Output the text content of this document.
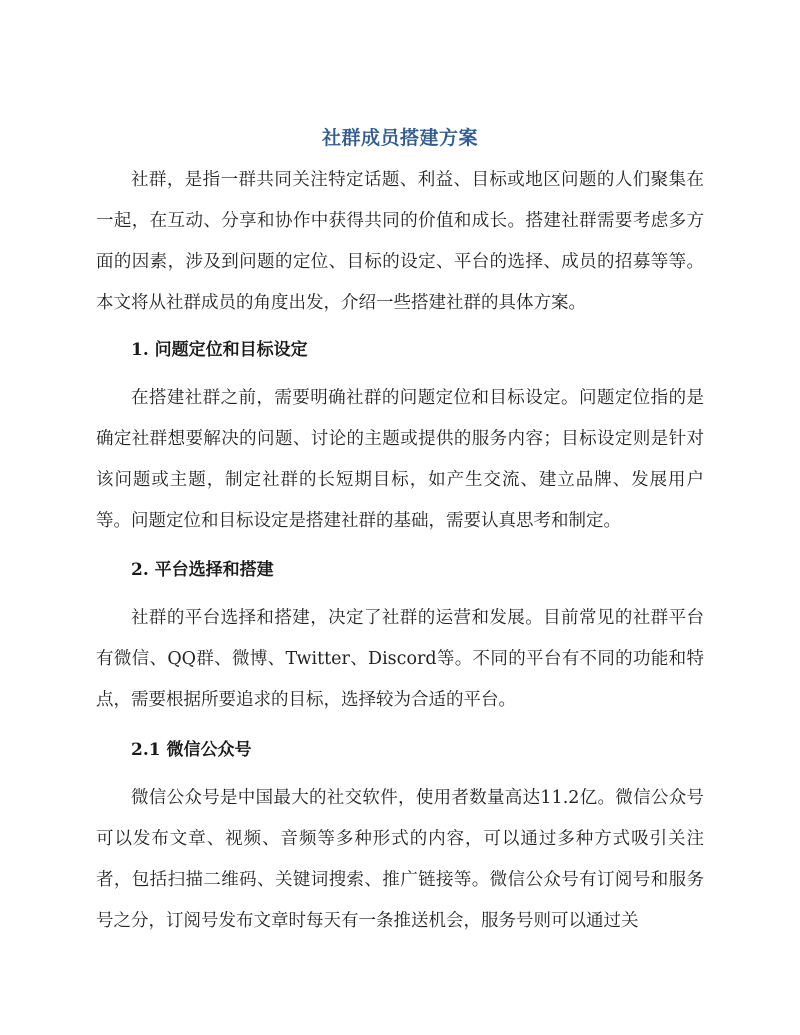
社群成员搭建方案

社群，是指一群共同关注特定话题、利益、目标或地区问题的人们聚集在一起，在互动、分享和协作中获得共同的价值和成长。搭建社群需要考虑多方面的因素，涉及到问题的定位、目标的设定、平台的选择、成员的招募等等。本文将从社群成员的角度出发，介绍一些搭建社群的具体方案。

1. 问题定位和目标设定

在搭建社群之前，需要明确社群的问题定位和目标设定。问题定位指的是确定社群想要解决的问题、讨论的主题或提供的服务内容；目标设定则是针对该问题或主题，制定社群的长短期目标，如产生交流、建立品牌、发展用户等。问题定位和目标设定是搭建社群的基础，需要认真思考和制定。

2. 平台选择和搭建

社群的平台选择和搭建，决定了社群的运营和发展。目前常见的社群平台有微信、QQ群、微博、Twitter、Discord等。不同的平台有不同的功能和特点，需要根据所要追求的目标，选择较为合适的平台。

2.1 微信公众号

微信公众号是中国最大的社交软件，使用者数量高达11.2亿。微信公众号可以发布文章、视频、音频等多种形式的内容，可以通过多种方式吸引关注者，包括扫描二维码、关键词搜索、推广链接等。微信公众号有订阅号和服务号之分，订阅号发布文章时每天有一条推送机会，服务号则可以通过关
